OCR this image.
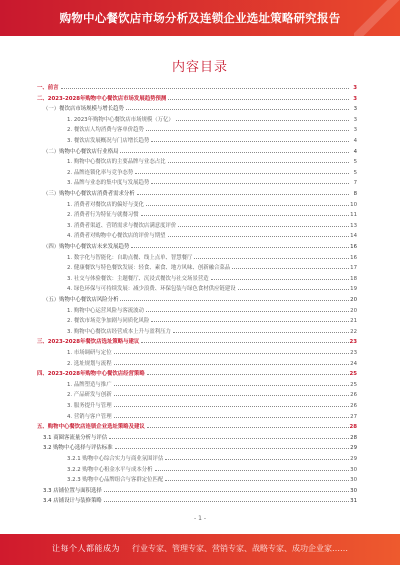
购物中心餐饮店市场分析及连锁企业选址策略研究报告
内容目录
一、前言	3
二、2023-2028年购物中心餐饮店市场发展趋势预测	3
（一）餐饮店市场规模与增长趋势	3
1. 2023年购物中心餐饮店市场规模（万亿）	3
2. 餐饮店人均消费与客单价趋势	3
3. 餐饮店发展概况与门店增长趋势	4
（二）购物中心餐饮店行业格局	4
1. 购物中心餐饮店的主要品牌与业态占比	5
2. 品牌连锁化率与竞争态势	5
3. 品牌与业态的集中度与发展趋势	7
（三）购物中心餐饮店消费者需求分析	8
1. 消费者对餐饮店的偏好与变化	10
2. 消费者行为特征与就餐习惯	11
3. 消费者渠道、营销需求与餐饮店满意度评价	13
4. 消费者对购物中心餐饮店的评价与期望	14
（四）购物中心餐饮店未来发展趋势	16
1. 数字化与智能化：自助点餐、线上点单、智慧餐厅	16
2. 健康餐饮与特色餐饮发展：轻食、素食、地方风味、创新融合菜品	17
3. 社交与体验餐饮：主题餐厅、沉浸式餐饮与社交场景营造	18
4. 绿色环保与可持续发展：减少浪费、环保包装与绿色食材供应链建设	19
（五）购物中心餐饮店风险分析	20
1. 购物中心运营风险与客流波动	20
2. 餐饮市场竞争加剧与同质化风险	21
3. 购物中心餐饮店经营成本上升与盈利压力	22
三、2023-2028年餐饮店选址策略与建议	23
1. 市场调研与定位	23
2. 选址规划与流程	24
四、2023-2028年购物中心餐饮店经营策略	25
1. 品牌塑造与推广	25
2. 产品研发与创新	26
3. 服务提升与管理	26
4. 营销与客户管理	27
五、购物中心餐饮店连锁企业选址策略及建议	28
3.1 商圈客流量分析与评估	28
3.2 购物中心选择与评估标准	29
3.2.1 购物中心综合实力与商业氛围评估	29
3.2.2 购物中心租金水平与成本分析	30
3.2.3 购物中心品牌组合与客群定位匹配	30
3.3 店铺位置与面积选择	30
3.4 店铺设计与装修策略	31
- 1 -
让每个人都能成为 行业专家、管理专家、营销专家、战略专家、成功企业家……
